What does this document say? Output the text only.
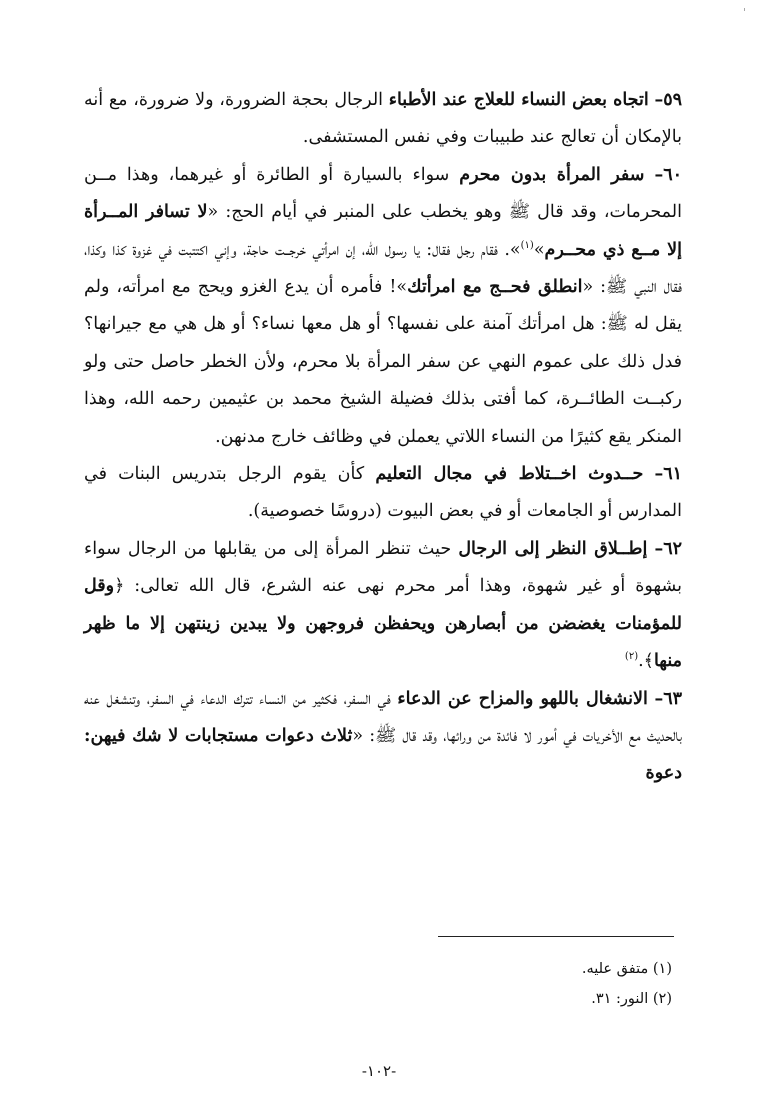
'

٥٩– اتجاه بعض النساء للعلاج عند الأطباء الرجال بحجة الضرورة، ولا ضرورة، مع أنه بالإمكان أن تعالج عند طبيبات وفي نفس المستشفى.

٦٠– سفر المرأة بدون محرم سواء بالسيارة أو الطائرة أو غيرهما، وهذا مــن المحرمات، وقد قال ﷺ وهو يخطب على المنبر في أيام الحج: «لا تسافر المــرأة إلا مــع ذي محــرم»$^{(١)}$». فقام رجل فقال: يا رسول الله، إن امرأتي خرجــت حاجة، وإني اكتتبت في غزوة كذا وكذا، فقال النبي ﷺ: «انطلق فحــج مع امرأتك»! فأمره أن يدع الغزو ويحج مع امرأته، ولم يقل له ﷺ: هل امرأتك آمنة على نفسها؟ أو هل معها نساء؟ أو هل هي مع جيرانها؟ فدل ذلك على عموم النهي عن سفر المرأة بلا محرم، ولأن الخطر حاصل حتى ولو ركبــت الطائــرة، كما أفتى بذلك فضيلة الشيخ محمد بن عثيمين رحمه الله، وهذا المنكر يقع كثيرًا من النساء اللاتي يعملن في وظائف خارج مدنهن.

٦١– حــدوث اخــتلاط في مجال التعليم كأن يقوم الرجل بتدريس البنات في المدارس أو الجامعات أو في بعض البيوت (دروسًا خصوصية).

٦٢– إطــلاق النظر إلى الرجال حيث تنظر المرأة إلى من يقابلها من الرجال سواء بشهوة أو غير شهوة، وهذا أمر محرم نهى عنه الشرع، قال الله تعالى: ﴿وقل للمؤمنات يغضضن من أبصارهن ويحفظن فروجهن ولا يبدين زينتهن إلا ما ظهر منها﴾.$^{(٢)}$

٦٣– الانشغال باللهو والمزاح عن الدعاء في السفر، فكثير من النساء تترك الدعاء في السفر، وتنشغل عنه بالحديث مع الأخريات في أمور لا فائدة من ورائها، وقد قال ﷺ: «ثلاث دعوات مستجابات لا شك فيهن: دعوة

(١) متفق عليه.
(٢) النور: ٣١.
-١٠٢-
